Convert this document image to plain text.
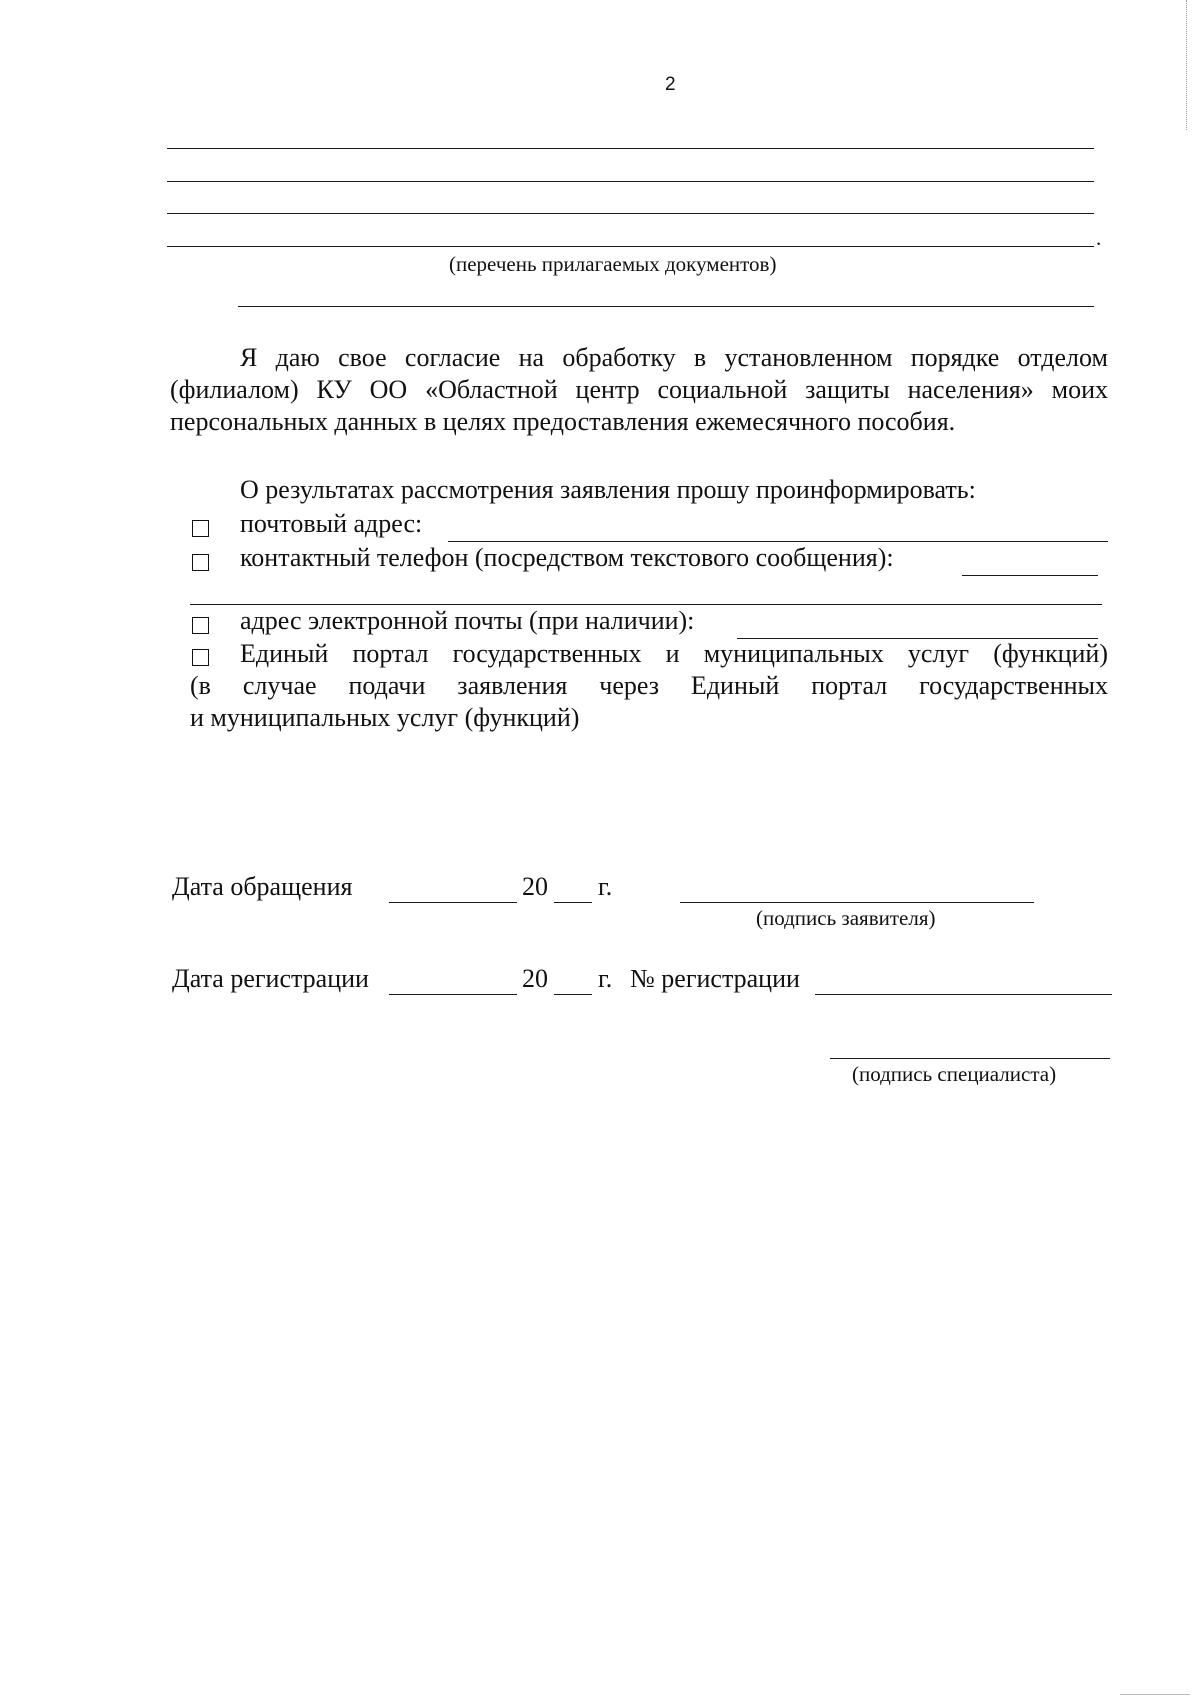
2
.
(перечень прилагаемых документов)
Я даю свое согласие на обработку в установленном порядке отделом
(филиалом) КУ ОО «Областной центр социальной защиты населения» моих
персональных данных в целях предоставления ежемесячного пособия.
О результатах рассмотрения заявления прошу проинформировать:
почтовый адрес:
контактный телефон (посредством текстового сообщения):
адрес электронной почты (при наличии):
Единый портал государственных и муниципальных услуг (функций)
(в случае подачи заявления через Единый портал государственных
и муниципальных услуг (функций)
Дата обращения	20 г.
(подпись заявителя)
Дата регистрации	20 г. № регистрации
(подпись специалиста)
